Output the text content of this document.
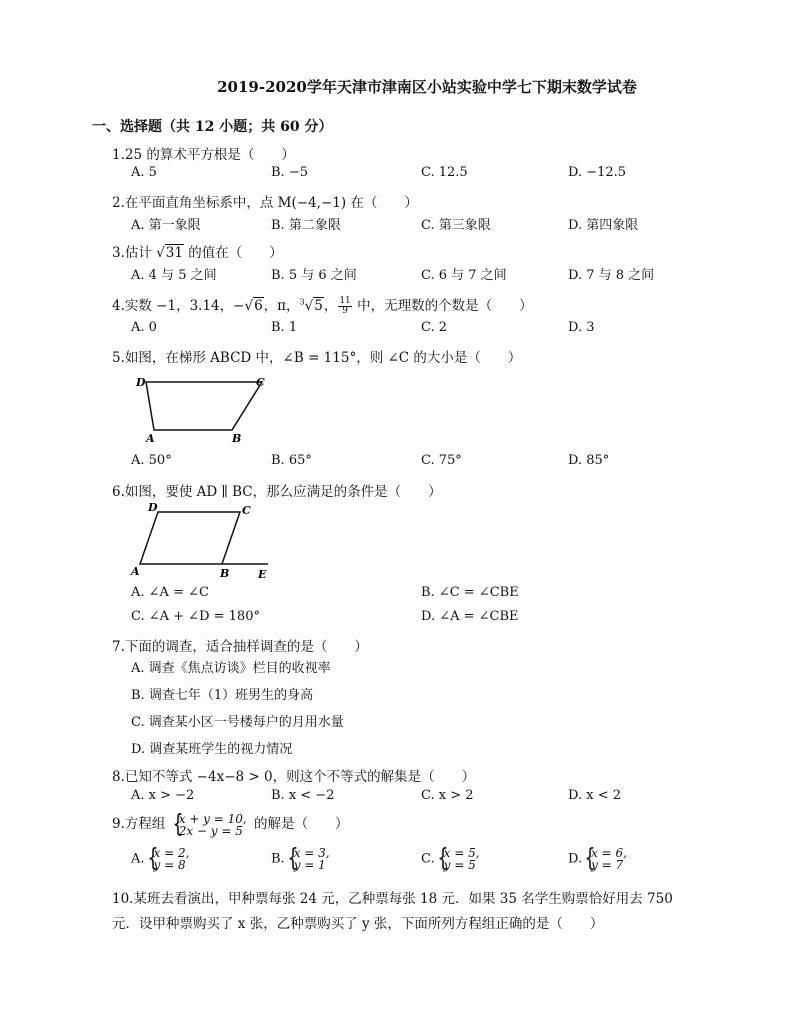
2019-2020学年天津市津南区小站实验中学七下期末数学试卷
一、选择题（共 12 小题；共 60 分）
1.25 的算术平方根是（　　）
A. 5	B. −5	C. 12.5	D. −12.5
2.在平面直角坐标系中，点 M(−4,−1) 在（　　）
A. 第一象限	B. 第二象限	C. 第三象限	D. 第四象限
3.估计 √31 的值在（　　）
A. 4 与 5 之间	B. 5 与 6 之间	C. 6 与 7 之间	D. 7 与 8 之间
4.实数 −1，3.14，−√6，π，$^3$√5， $\frac{11}{9}$ 中，无理数的个数是（　　）
A. 0	B. 1	C. 2	D. 3
5.如图，在梯形 ABCD 中，∠B = 115°，则 ∠C 的大小是（　　）
D	C
A	B
A. 50°	B. 65°	C. 75°	D. 85°
6.如图，要使 AD ∥ BC，那么应满足的条件是（　　）
D	C
A	B	E
A. ∠A = ∠C	B. ∠C = ∠CBE
C. ∠A + ∠D = 180°	D. ∠A = ∠CBE
7.下面的调查，适合抽样调查的是（　　）
A. 调查《焦点访谈》栏目的收视率
B. 调查七年（1）班男生的身高
C. 调查某小区一号楼每户的月用水量
D. 调查某班学生的视力情况
8.已知不等式 −4x−8 > 0，则这个不等式的解集是（　　）
A. x > −2	B. x < −2	C. x > 2	D. x < 2
9.方程组 { x + y = 10,
2x − y = 5 的解是（　　）
A. { x = 2,
y = 8	B. { x = 3,
y = 1	C. { x = 5,
y = 5	D. { x = 6,
y = 7
10.某班去看演出，甲种票每张 24 元，乙种票每张 18 元．如果 35 名学生购票恰好用去 750
元．设甲种票购买了 x 张，乙种票购买了 y 张，下面所列方程组正确的是（　　）
